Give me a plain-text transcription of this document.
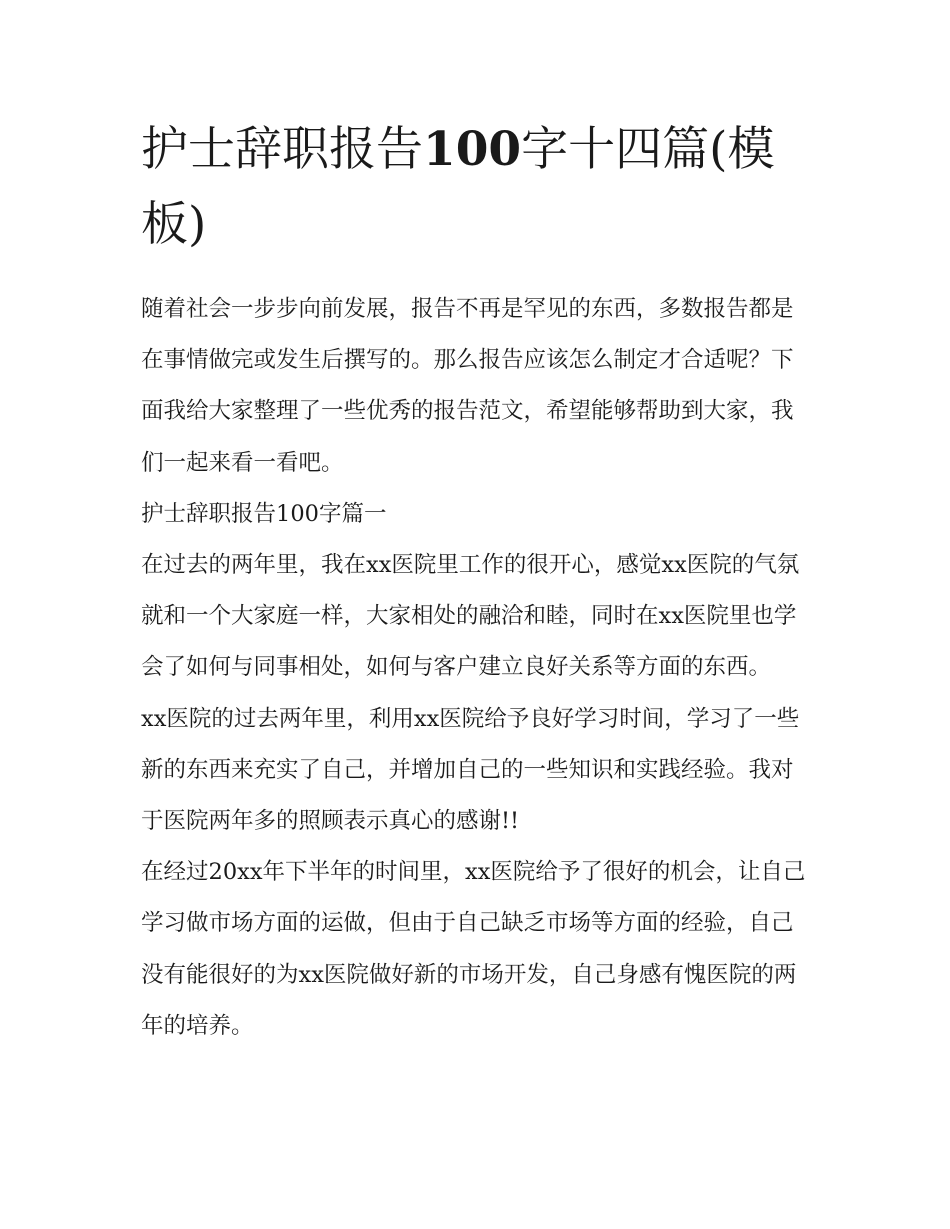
护士辞职报告100字十四篇(模板)

随着社会一步步向前发展，报告不再是罕见的东西，多数报告都是在事情做完或发生后撰写的。那么报告应该怎么制定才合适呢？下面我给大家整理了一些优秀的报告范文，希望能够帮助到大家，我们一起来看一看吧。

护士辞职报告100字篇一

在过去的两年里，我在xx医院里工作的很开心，感觉xx医院的气氛就和一个大家庭一样，大家相处的融洽和睦，同时在xx医院里也学会了如何与同事相处，如何与客户建立良好关系等方面的东西。

xx医院的过去两年里，利用xx医院给予良好学习时间，学习了一些新的东西来充实了自己，并增加自己的一些知识和实践经验。我对于医院两年多的照顾表示真心的感谢!!

在经过20xx年下半年的时间里，xx医院给予了很好的机会，让自己学习做市场方面的运做，但由于自己缺乏市场等方面的经验，自己没有能很好的为xx医院做好新的市场开发，自己身感有愧医院的两年的培养。
